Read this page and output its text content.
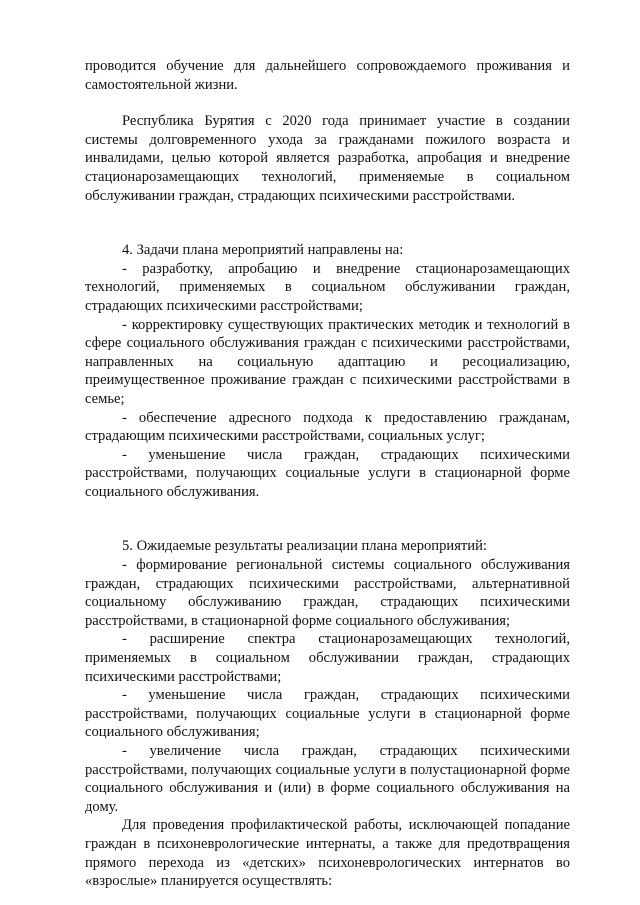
проводится обучение для дальнейшего сопровождаемого проживания и самостоятельной жизни.

Республика Бурятия с 2020 года принимает участие в создании системы долговременного ухода за гражданами пожилого возраста и инвалидами, целью которой является разработка, апробация и внедрение стационарозамещающих технологий, применяемые в социальном обслуживании граждан, страдающих психическими расстройствами.

4. Задачи плана мероприятий направлены на:

- разработку, апробацию и внедрение стационарозамещающих технологий, применяемых в социальном обслуживании граждан, страдающих психическими расстройствами;

- корректировку существующих практических методик и технологий в сфере социального обслуживания граждан с психическими расстройствами, направленных на социальную адаптацию и ресоциализацию, преимущественное проживание граждан с психическими расстройствами в семье;

- обеспечение адресного подхода к предоставлению гражданам, страдающим психическими расстройствами, социальных услуг;

- уменьшение числа граждан, страдающих психическими расстройствами, получающих социальные услуги в стационарной форме социального обслуживания.

5. Ожидаемые результаты реализации плана мероприятий:

- формирование региональной системы социального обслуживания граждан, страдающих психическими расстройствами, альтернативной социальному обслуживанию граждан, страдающих психическими расстройствами, в стационарной форме социального обслуживания;

- расширение спектра стационарозамещающих технологий, применяемых в социальном обслуживании граждан, страдающих психическими расстройствами;

- уменьшение числа граждан, страдающих психическими расстройствами, получающих социальные услуги в стационарной форме социального обслуживания;

- увеличение числа граждан, страдающих психическими расстройствами, получающих социальные услуги в полустационарной форме социального обслуживания и (или) в форме социального обслуживания на дому.

Для проведения профилактической работы, исключающей попадание граждан в психоневрологические интернаты, а также для предотвращения прямого перехода из «детских» психоневрологических интернатов во «взрослые» планируется осуществлять:
